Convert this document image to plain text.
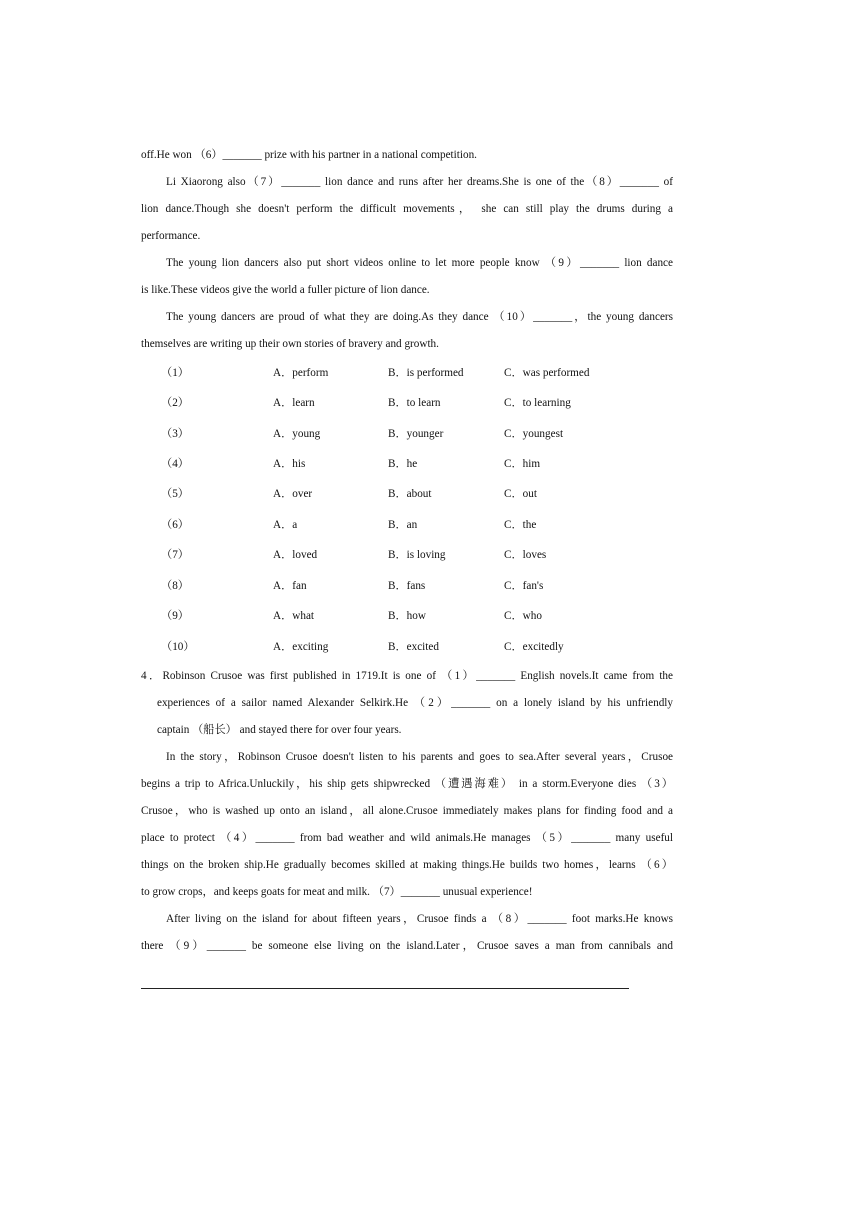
off.He won （6）_______ prize with his partner in a national competition.
Li Xiaorong also（7）_______ lion dance and runs after her dreams.She is one of the（8）_______ of
lion dance.Though she doesn't perform the difficult movements， she can still play the drums during a
performance.
The young lion dancers also put short videos online to let more people know （9）_______ lion dance
is like.These videos give the world a fuller picture of lion dance.
The young dancers are proud of what they are doing.As they dance （10）_______，the young dancers
themselves are writing up their own stories of bravery and growth.
（1）	A．perform	B．is performed	C．was performed
（2）	A．learn	B．to learn	C．to learning
（3）	A．young	B．younger	C．youngest
（4）	A．his	B．he	C．him
（5）	A．over	B．about	C．out
（6）	A．a	B．an	C．the
（7）	A．loved	B．is loving	C．loves
（8）	A．fan	B．fans	C．fan's
（9）	A．what	B．how	C．who
（10）	A．exciting	B．excited	C．excitedly
4．Robinson Crusoe was first published in 1719.It is one of （1）_______ English novels.It came from the
experiences of a sailor named Alexander Selkirk.He （2）_______ on a lonely island by his unfriendly
captain （船长） and stayed there for over four years.
In the story，Robinson Crusoe doesn't listen to his parents and goes to sea.After several years，Crusoe
begins a trip to Africa.Unluckily，his ship gets shipwrecked （遭遇海难） in a storm.Everyone dies （3）
Crusoe，who is washed up onto an island，all alone.Crusoe immediately makes plans for finding food and a
place to protect （4）_______ from bad weather and wild animals.He manages （5）_______ many useful
things on the broken ship.He gradually becomes skilled at making things.He builds two homes，learns （6）
to grow crops，and keeps goats for meat and milk. （7）_______ unusual experience!
After living on the island for about fifteen years，Crusoe finds a （8）_______ foot marks.He knows
there （9）_______ be someone else living on the island.Later，Crusoe saves a man from cannibals and
